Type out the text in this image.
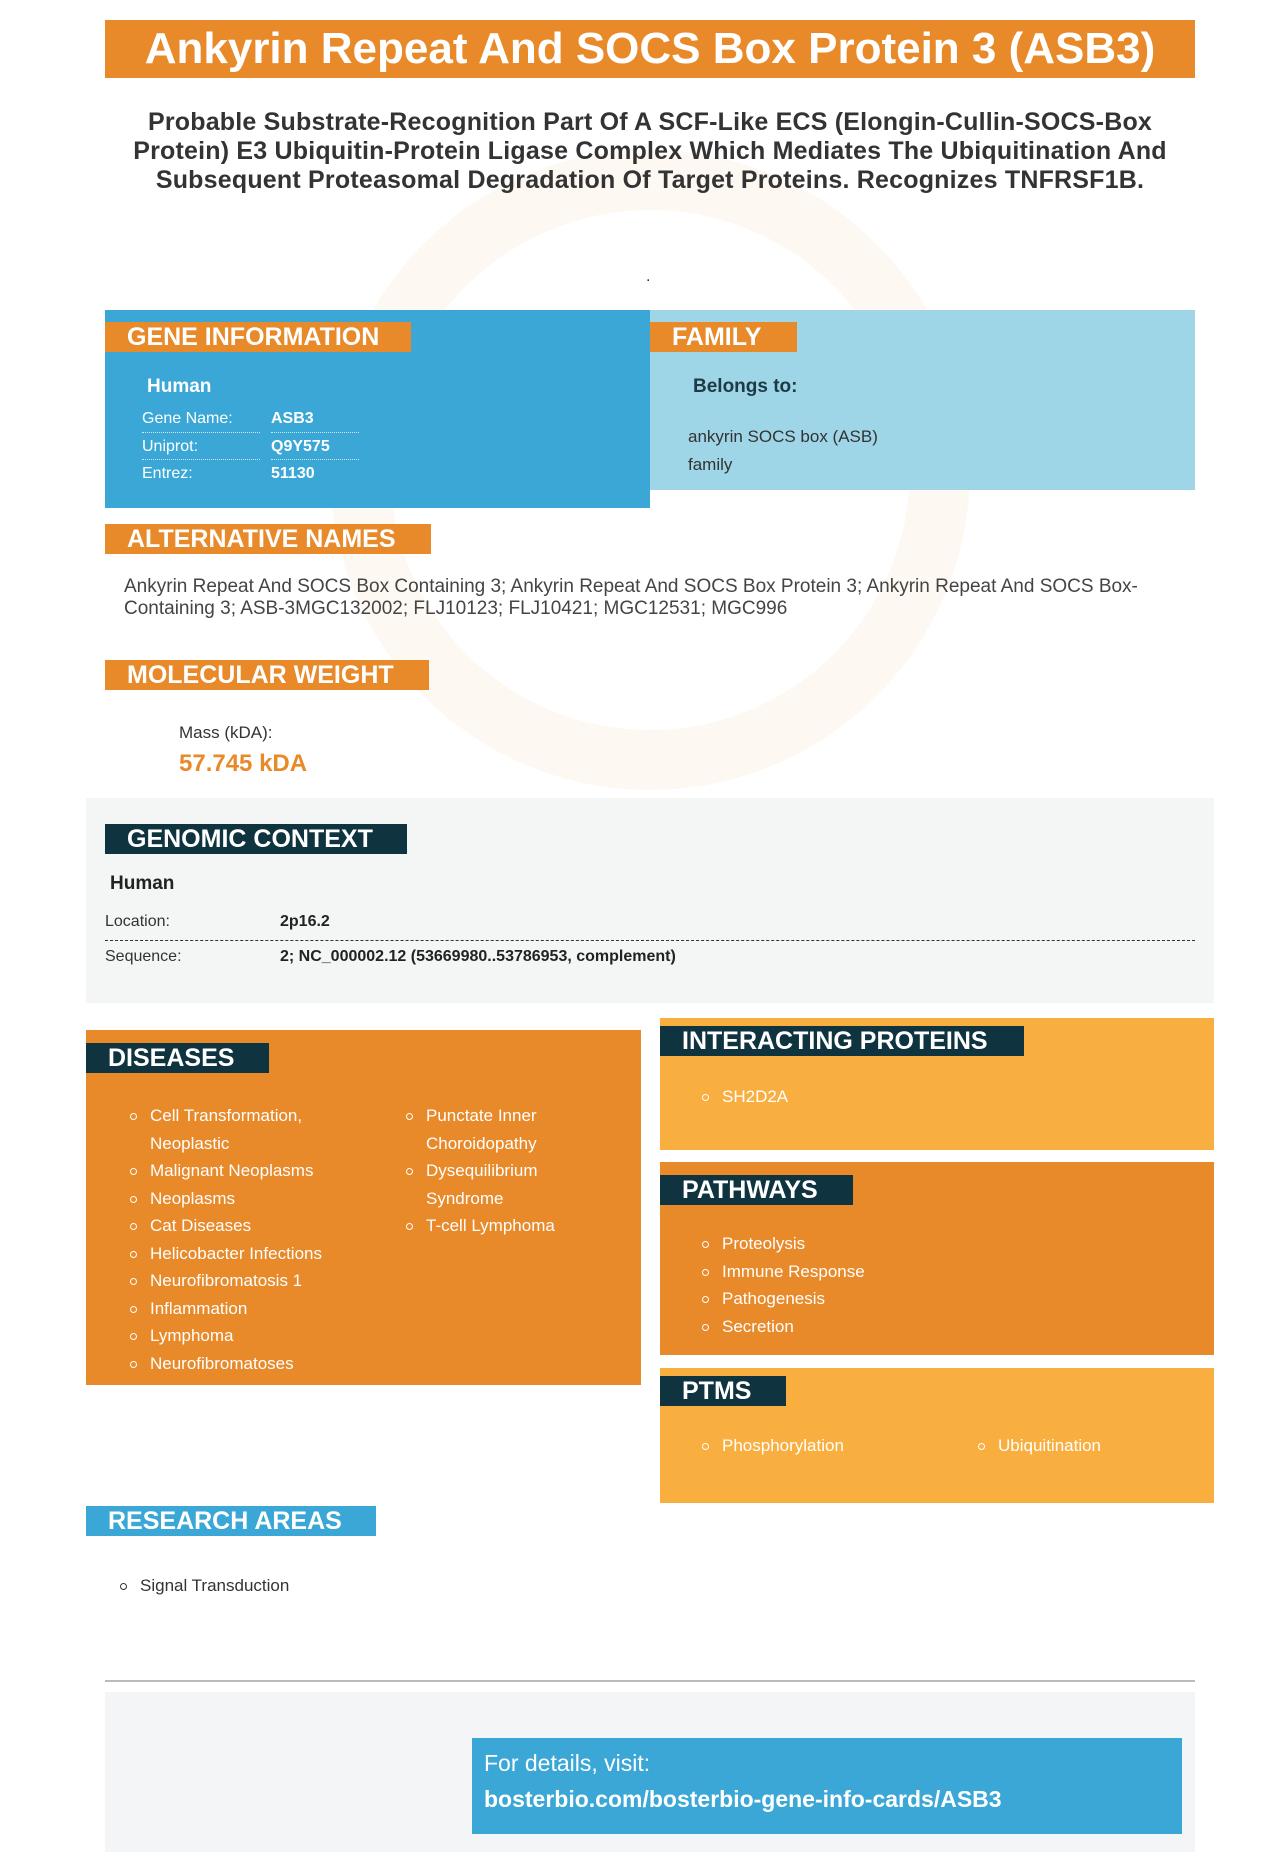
Ankyrin Repeat And SOCS Box Protein 3 (ASB3)
Probable Substrate-Recognition Part Of A SCF-Like ECS (Elongin-Cullin-SOCS-Box Protein) E3 Ubiquitin-Protein Ligase Complex Which Mediates The Ubiquitination And Subsequent Proteasomal Degradation Of Target Proteins. Recognizes TNFRSF1B.
.
GENE INFORMATION
Human
Gene Name: ASB3
Uniprot:	Q9Y575
Entrez:	51130
FAMILY
Belongs to:
ankyrin SOCS box (ASB)
family
ALTERNATIVE NAMES
Ankyrin Repeat And SOCS Box Containing 3; Ankyrin Repeat And SOCS Box Protein 3; Ankyrin Repeat And SOCS Box-Containing 3; ASB-3MGC132002; FLJ10123; FLJ10421; MGC12531; MGC996
MOLECULAR WEIGHT
Mass (kDA):
57.745 kDA
GENOMIC CONTEXT
Human
Location:	2p16.2
Sequence:	2; NC_000002.12 (53669980..53786953, complement)
DISEASES
Cell Transformation, Neoplastic
Malignant Neoplasms
Neoplasms
Cat Diseases
Helicobacter Infections
Neurofibromatosis 1
Inflammation
Lymphoma
Neurofibromatoses
Punctate Inner Choroidopathy
Dysequilibrium Syndrome
T-cell Lymphoma
INTERACTING PROTEINS
SH2D2A
PATHWAYS
Proteolysis
Immune Response
Pathogenesis
Secretion
PTMS
Phosphorylation	Ubiquitination
RESEARCH AREAS
Signal Transduction
For details, visit:
bosterbio.com/bosterbio-gene-info-cards/ASB3
